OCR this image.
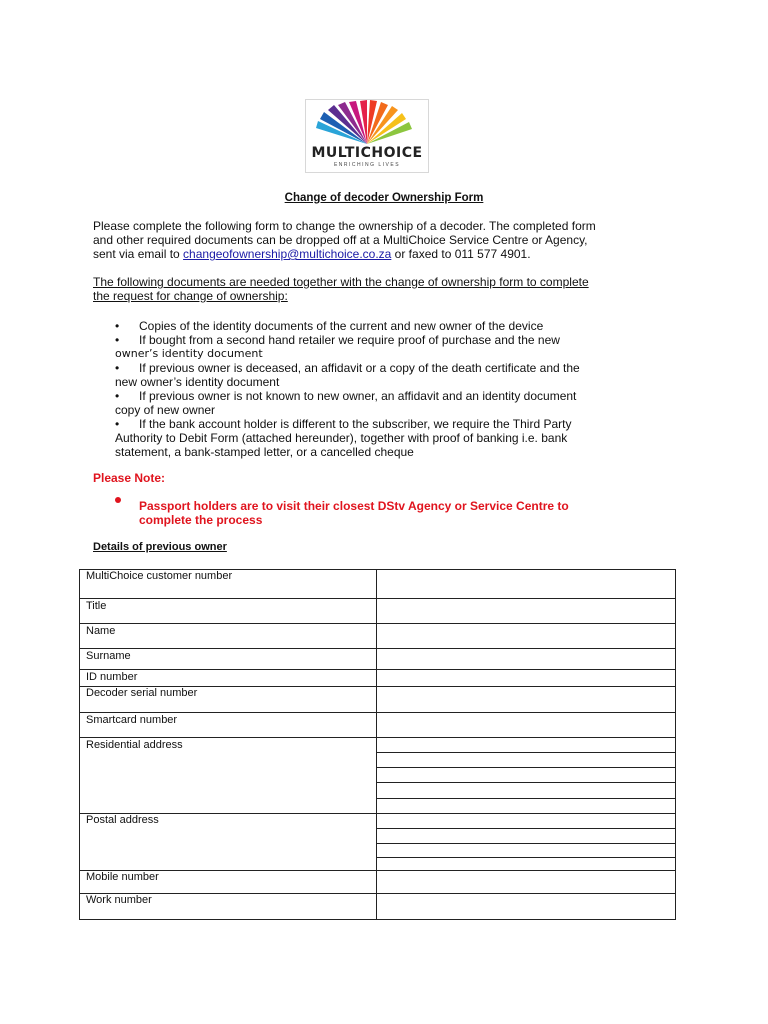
MULTICHOICE
ENRICHING LIVES
Change of decoder Ownership Form
Please complete the following form to change the ownership of a decoder. The completed form
and other required documents can be dropped off at a MultiChoice Service Centre or Agency,
sent via email to changeofownership@multichoice.co.za or faxed to 011 577 4901.
The following documents are needed together with the change of ownership form to complete
the request for change of ownership:
• Copies of the identity documents of the current and new owner of the device
• If bought from a second hand retailer we require proof of purchase and the new
owner’s identity document
• If previous owner is deceased, an affidavit or a copy of the death certificate and the
new owner’s identity document
• If previous owner is not known to new owner, an affidavit and an identity document
copy of new owner
• If the bank account holder is different to the subscriber, we require the Third Party
Authority to Debit Form (attached hereunder), together with proof of banking i.e. bank
statement, a bank-stamped letter, or a cancelled cheque
Please Note:
Passport holders are to visit their closest DStv Agency or Service Centre to
complete the process
Details of previous owner
MultiChoice customer number
Title
Name
Surname
ID number
Decoder serial number
Smartcard number
Residential address
Postal address
Mobile number
Work number
